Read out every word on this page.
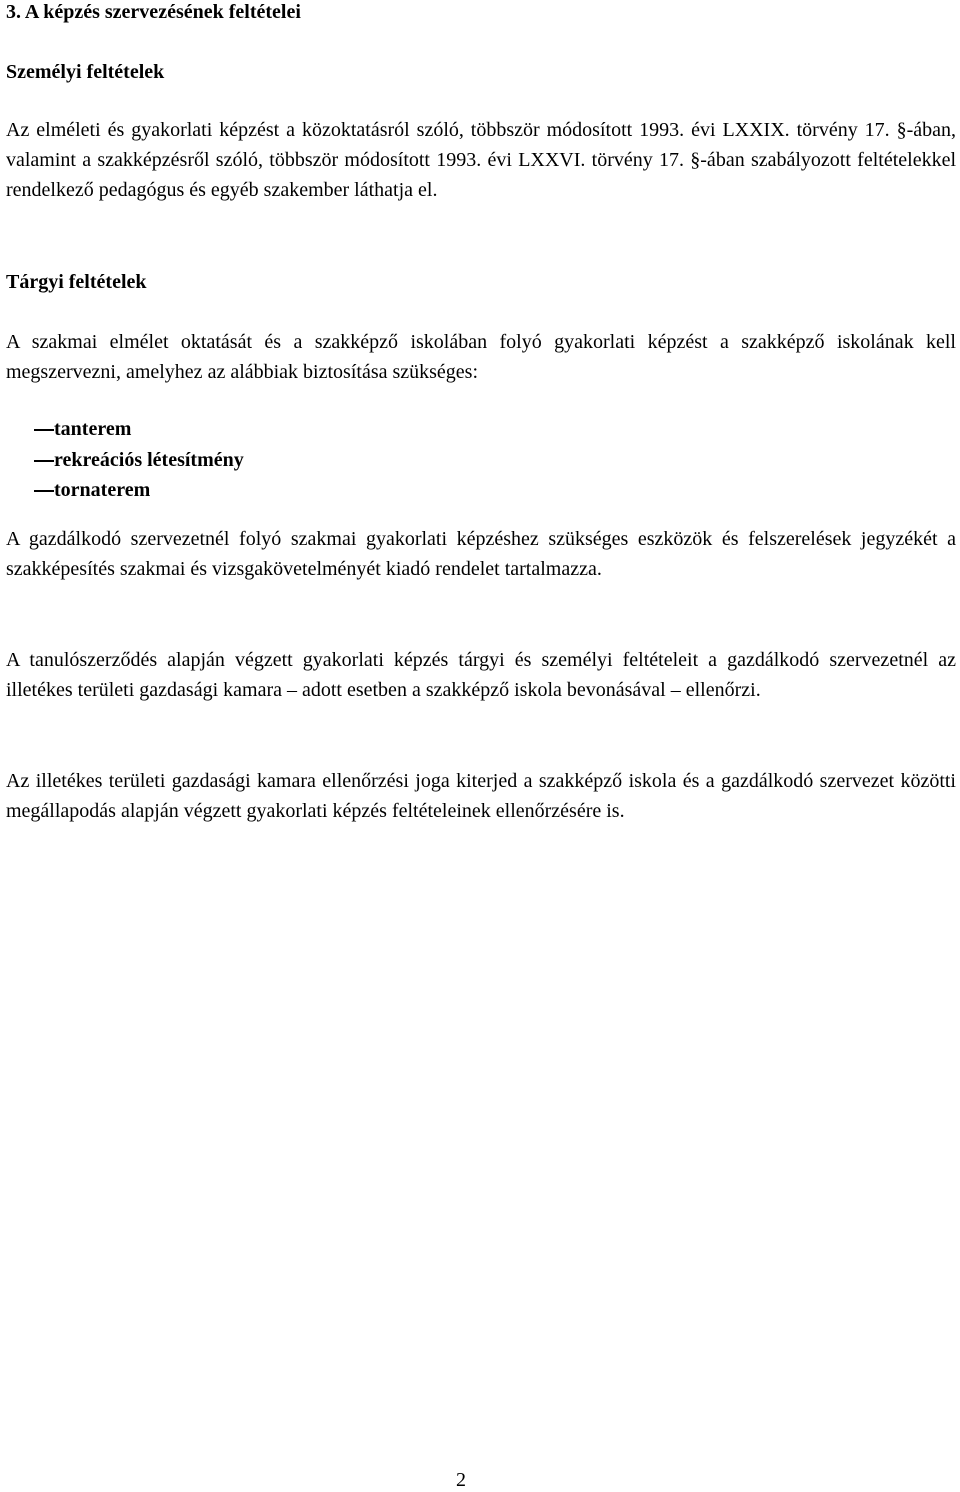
3. A képzés szervezésének feltételei
Személyi feltételek
Az elméleti és gyakorlati képzést a közoktatásról szóló, többször módosított 1993. évi LXXIX. törvény 17. §-ában, valamint a szakképzésről szóló, többször módosított 1993. évi LXXVI. törvény 17. §-ában szabályozott feltételekkel rendelkező pedagógus és egyéb szakember láthatja el.
Tárgyi feltételek
A szakmai elmélet oktatását és a szakképző iskolában folyó gyakorlati képzést a szakképző iskolának kell megszervezni, amelyhez az alábbiak biztosítása szükséges:
tanterem
rekreációs létesítmény
tornaterem
A gazdálkodó szervezetnél folyó szakmai gyakorlati képzéshez szükséges eszközök és felszerelések jegyzékét a szakképesítés szakmai és vizsgakövetelményét kiadó rendelet tartalmazza.
A tanulószerződés alapján végzett gyakorlati képzés tárgyi és személyi feltételeit a gazdálkodó szervezetnél az illetékes területi gazdasági kamara – adott esetben a szakképző iskola bevonásával – ellenőrzi.
Az illetékes területi gazdasági kamara ellenőrzési joga kiterjed a szakképző iskola és a gazdálkodó szervezet közötti megállapodás alapján végzett gyakorlati képzés feltételeinek ellenőrzésére is.
2
